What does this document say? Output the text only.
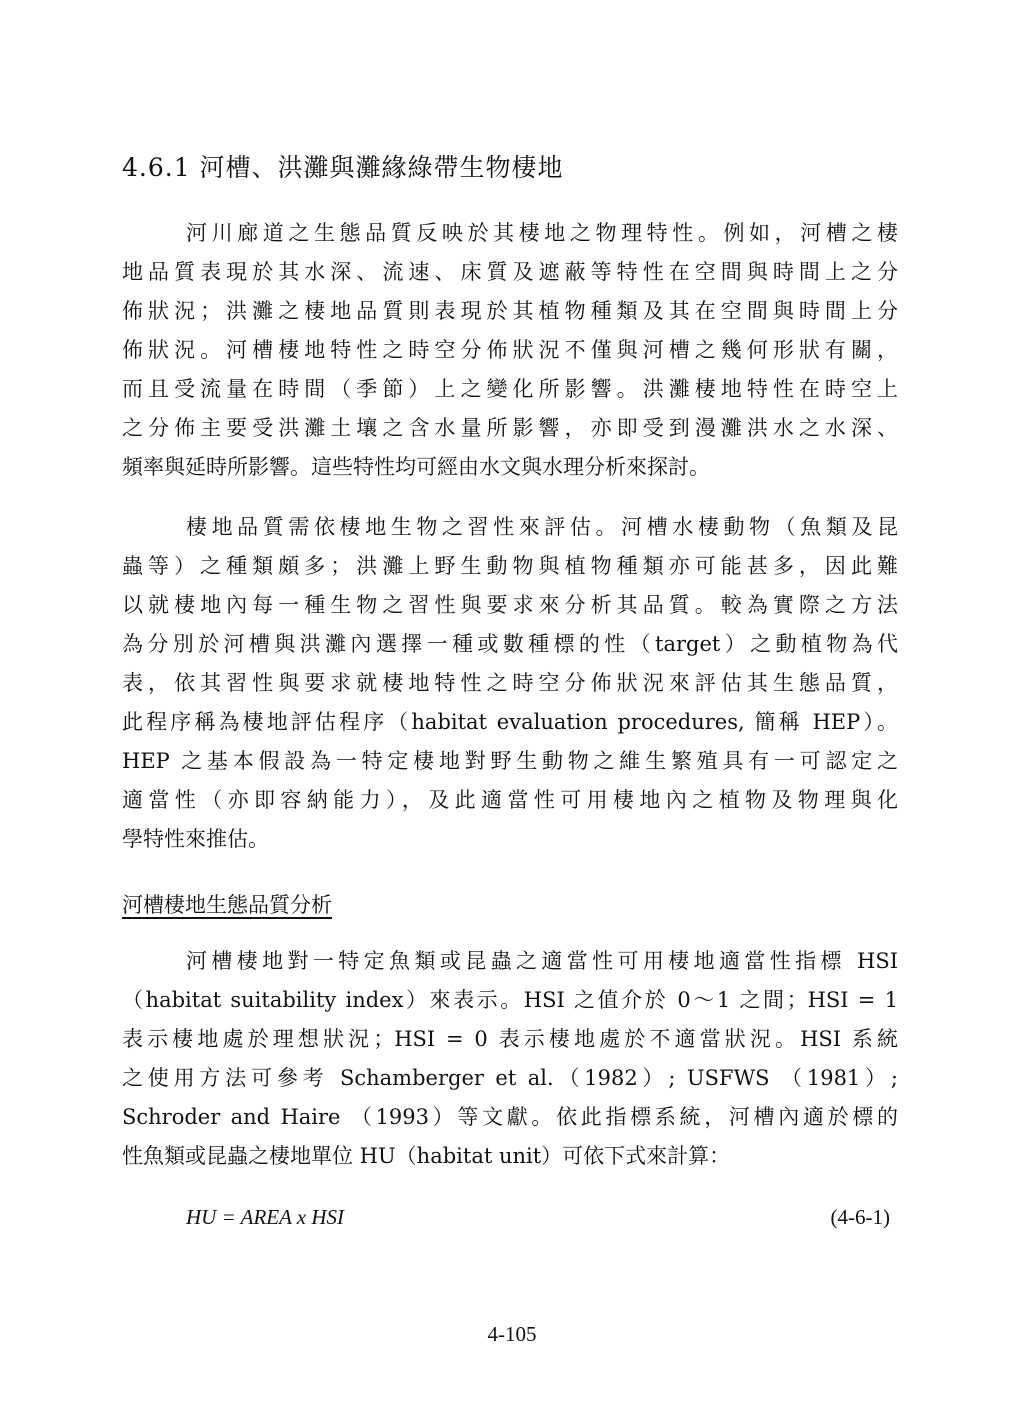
4.6.1 河槽、洪灘與灘緣綠帶生物棲地
河川廊道之生態品質反映於其棲地之物理特性。例如，河槽之棲
地品質表現於其水深、流速、床質及遮蔽等特性在空間與時間上之分
佈狀況；洪灘之棲地品質則表現於其植物種類及其在空間與時間上分
佈狀況。河槽棲地特性之時空分佈狀況不僅與河槽之幾何形狀有關，
而且受流量在時間（季節）上之變化所影響。洪灘棲地特性在時空上
之分佈主要受洪灘土壤之含水量所影響，亦即受到漫灘洪水之水深、
頻率與延時所影響。這些特性均可經由水文與水理分析來探討。
棲地品質需依棲地生物之習性來評估。河槽水棲動物（魚類及昆
蟲等）之種類頗多；洪灘上野生動物與植物種類亦可能甚多，因此難
以就棲地內每一種生物之習性與要求來分析其品質。較為實際之方法
為分別於河槽與洪灘內選擇一種或數種標的性（target）之動植物為代
表，依其習性與要求就棲地特性之時空分佈狀況來評估其生態品質，
此程序稱為棲地評估程序（habitat evaluation procedures, 簡稱 HEP）。
HEP 之基本假設為一特定棲地對野生動物之維生繁殖具有一可認定之
適當性（亦即容納能力），及此適當性可用棲地內之植物及物理與化
學特性來推估。
河槽棲地生態品質分析
河槽棲地對一特定魚類或昆蟲之適當性可用棲地適當性指標 HSI
（habitat suitability index）來表示。HSI 之值介於 0～1 之間；HSI = 1
表示棲地處於理想狀況；HSI = 0 表示棲地處於不適當狀況。HSI 系統
之使用方法可參考 Schamberger et al.（1982）; USFWS （1981）;
Schroder and Haire （1993）等文獻。依此指標系統，河槽內適於標的
性魚類或昆蟲之棲地單位 HU（habitat unit）可依下式來計算：
HU = AREA x HSI	(4-6-1)
4-105
